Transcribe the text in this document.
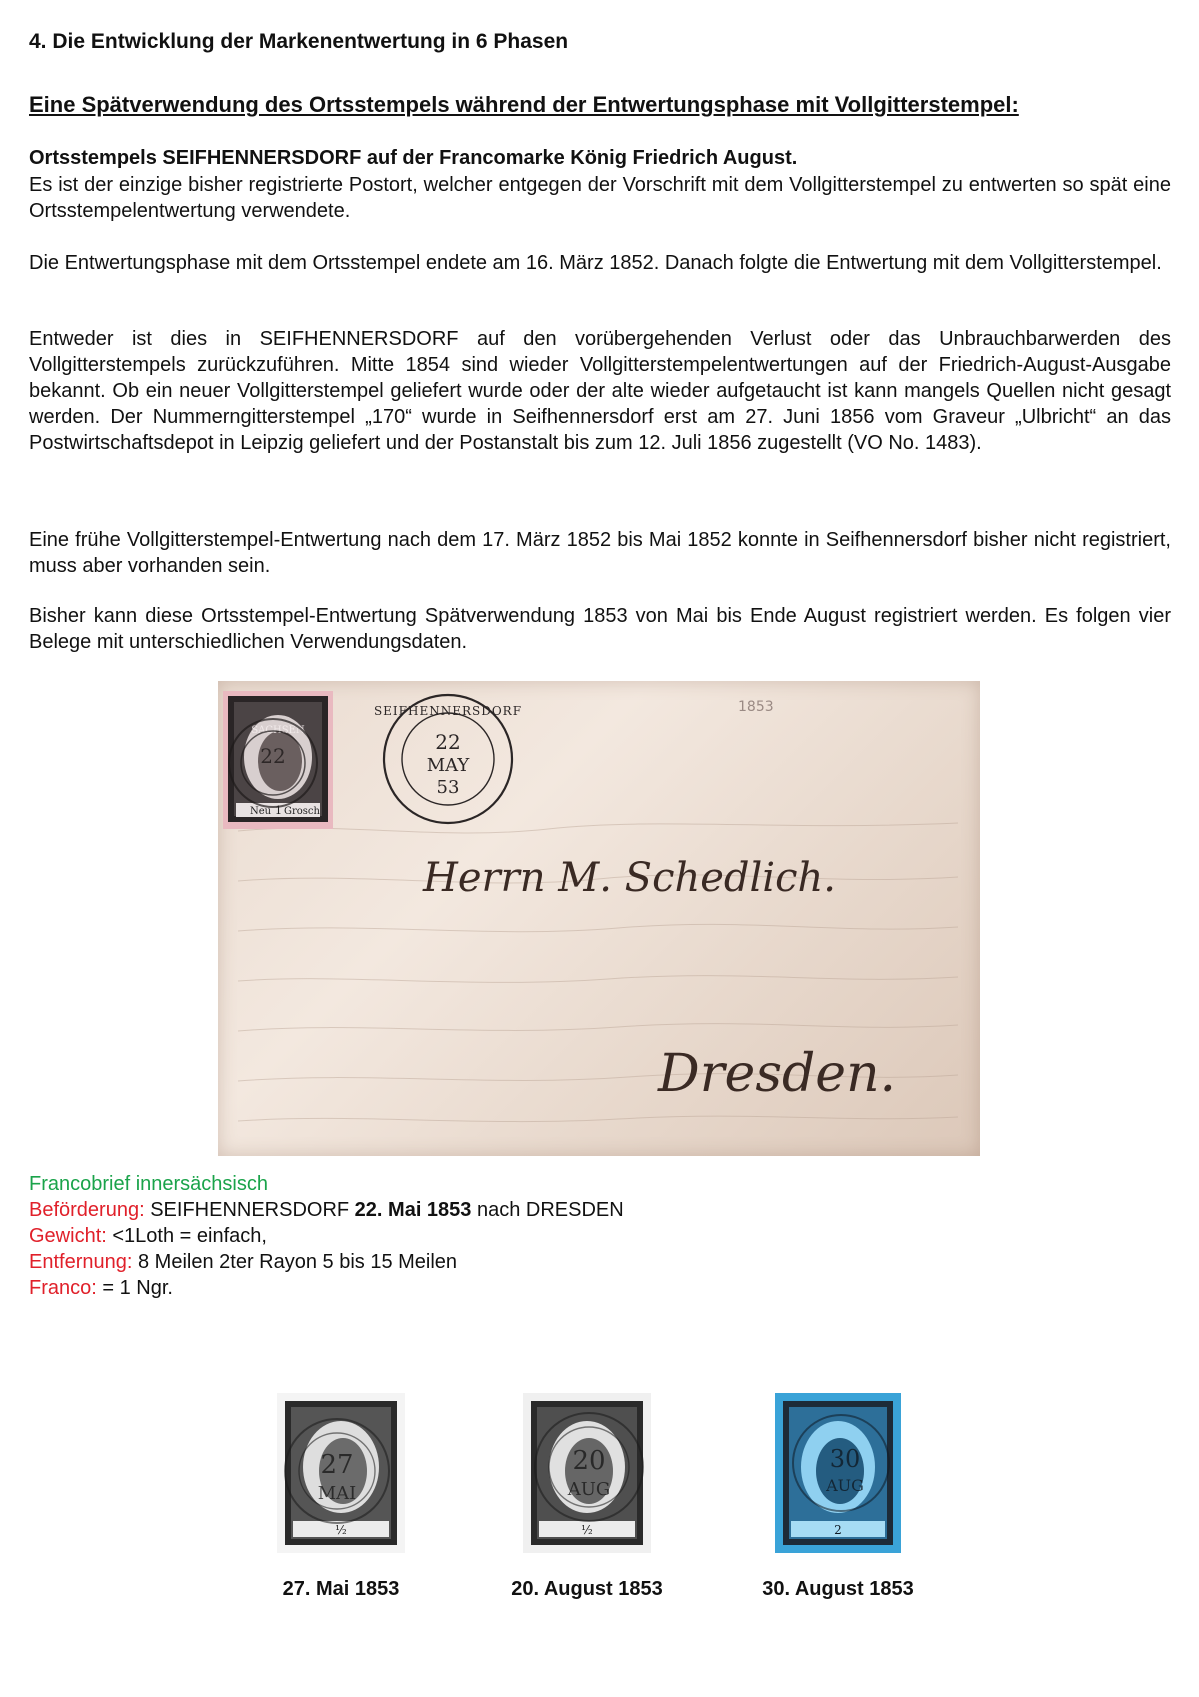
4. Die Entwicklung der Markenentwertung in 6 Phasen
Eine Spätverwendung des Ortsstempels während der Entwertungsphase mit Vollgitterstempel:
Ortsstempels SEIFHENNERSDORF auf der Francomarke König Friedrich August.

Es ist der einzige bisher registrierte Postort, welcher entgegen der Vorschrift mit dem Vollgitterstempel zu entwerten so spät eine Ortsstempelentwertung verwendete.

Die Entwertungsphase mit dem Ortsstempel endete am 16. März 1852. Danach folgte die Entwertung mit dem Vollgitterstempel.

Entweder ist dies in SEIFHENNERSDORF auf den vorübergehenden Verlust oder das Unbrauchbarwerden des Vollgitterstempels zurückzuführen. Mitte 1854 sind wieder Vollgitterstempelentwertungen auf der Friedrich-August-Ausgabe bekannt. Ob ein neuer Vollgitterstempel geliefert wurde oder der alte wieder aufgetaucht ist kann mangels Quellen nicht gesagt werden. Der Nummerngitterstempel „170“ wurde in Seifhennersdorf erst am 27. Juni 1856 vom Graveur „Ulbricht“ an das Postwirtschaftsdepot in Leipzig geliefert und der Postanstalt bis zum 12. Juli 1856 zugestellt (VO No. 1483).

Eine frühe Vollgitterstempel-Entwertung nach dem 17. März 1852 bis Mai 1852 konnte in Seifhennersdorf bisher nicht registriert, muss aber vorhanden sein.

Bisher kann diese Ortsstempel-Entwertung Spätverwendung 1853 von Mai bis Ende August registriert werden. Es folgen vier Belege mit unterschiedlichen Verwendungsdaten.

SACHSEN
Neu Grosch
1
22
SEIFHENNERSDORF
22
MAY
53
1853
Herrn M. Schedlich.
Dresden.
Francobrief innersächsisch
Beförderung: SEIFHENNERSDORF 22. Mai 1853 nach DRESDEN
Gewicht: <1Loth = einfach,
Entfernung: 8 Meilen 2ter Rayon 5 bis 15 Meilen
Franco: = 1 Ngr.
27
MAI
½
20
AUG
½
30
AUG
2
27. Mai 1853	20. August 1853	30. August 1853
